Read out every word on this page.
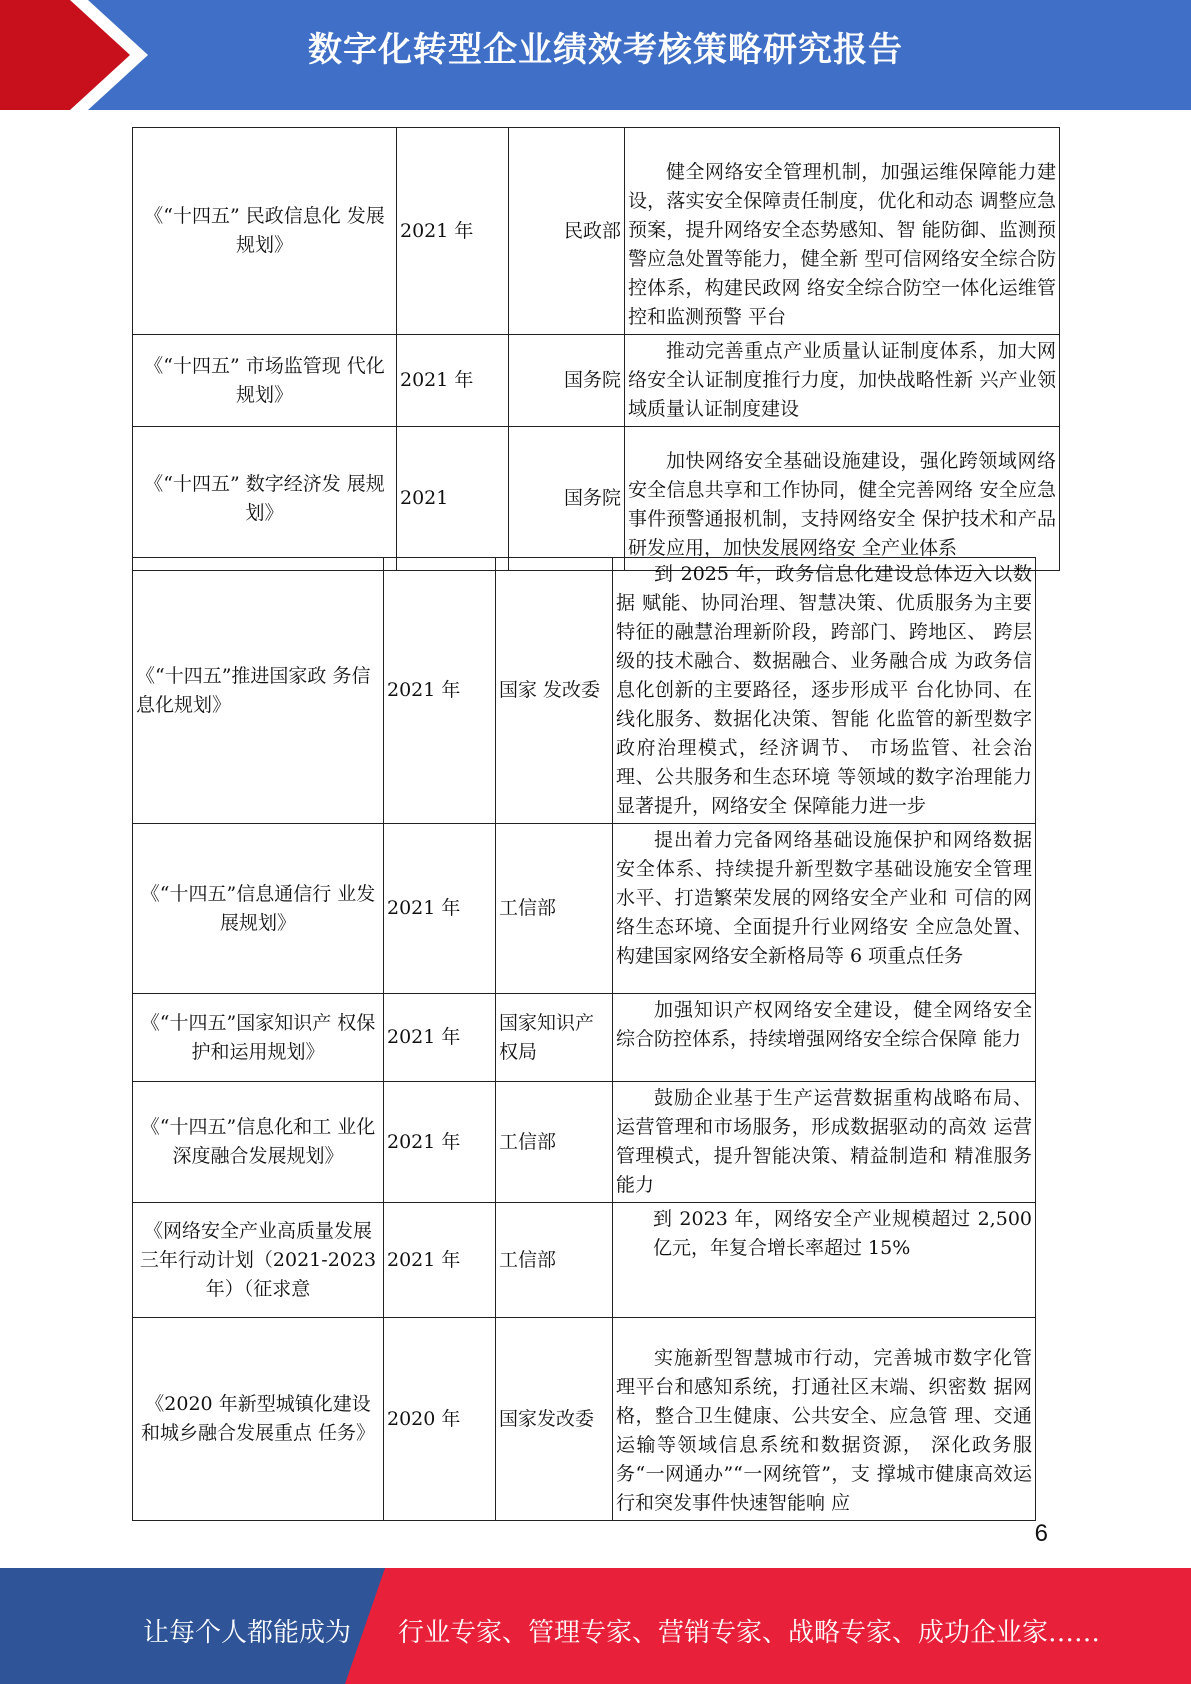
数字化转型企业绩效考核策略研究报告
《“十四五” 民政信息化 发展规划》	2021 年	民政部	健全网络安全管理机制，加强运维保障能力建设，落实安全保障责任制度，优化和动态 调整应急预案，提升网络安全态势感知、智 能防御、监测预警应急处置等能力，健全新 型可信网络安全综合防控体系，构建民政网 络安全综合防空一体化运维管控和监测预警 平台
《“十四五” 市场监管现 代化规划》	2021 年	国务院	推动完善重点产业质量认证制度体系，加大网络安全认证制度推行力度，加快战略性新 兴产业领域质量认证制度建设
《“十四五” 数字经济发 展规划》	2021	国务院	加快网络安全基础设施建设，强化跨领域网络安全信息共享和工作协同，健全完善网络 安全应急事件预警通报机制，支持网络安全 保护技术和产品研发应用，加快发展网络安 全产业体系
《“十四五”推进国家政 务信息化规划》	2021 年	国家 发改委	到 2025 年，政务信息化建设总体迈入以数据 赋能、协同治理、智慧决策、优质服务为主要特征的融慧治理新阶段，跨部门、跨地区、 跨层级的技术融合、数据融合、业务融合成 为政务信息化创新的主要路径，逐步形成平 台化协同、在线化服务、数据化决策、智能 化监管的新型数字政府治理模式，经济调节、 市场监管、社会治理、公共服务和生态环境 等领域的数字治理能力显著提升，网络安全 保障能力进一步
《“十四五”信息通信行 业发展规划》	2021 年	工信部	提出着力完备网络基础设施保护和网络数据 安全体系、持续提升新型数字基础设施安全管理水平、打造繁荣发展的网络安全产业和 可信的网络生态环境、全面提升行业网络安 全应急处置、构建国家网络安全新格局等 6 项重点任务
《“十四五”国家知识产 权保护和运用规划》	2021 年	国家知识产权局	加强知识产权网络安全建设，健全网络安全综合防控体系，持续增强网络安全综合保障 能力
《“十四五”信息化和工 业化深度融合发展规划》	2021 年	工信部	鼓励企业基于生产运营数据重构战略布局、运营管理和市场服务，形成数据驱动的高效 运营管理模式，提升智能决策、精益制造和 精准服务能力
《网络安全产业高质量发展三年行动计划（2021-2023 年）（征求意	2021 年	工信部	到 2023 年，网络安全产业规模超过 2,500 亿元，年复合增长率超过 15%
《2020 年新型城镇化建设和城乡融合发展重点 任务》	2020 年	国家发改委	实施新型智慧城市行动，完善城市数字化管理平台和感知系统，打通社区末端、织密数 据网格，整合卫生健康、公共安全、应急管 理、交通运输等领域信息系统和数据资源， 深化政务服务“一网通办”“一网统管”，支 撑城市健康高效运行和突发事件快速智能响 应
6
让每个人都能成为 行业专家、管理专家、营销专家、战略专家、成功企业家……
